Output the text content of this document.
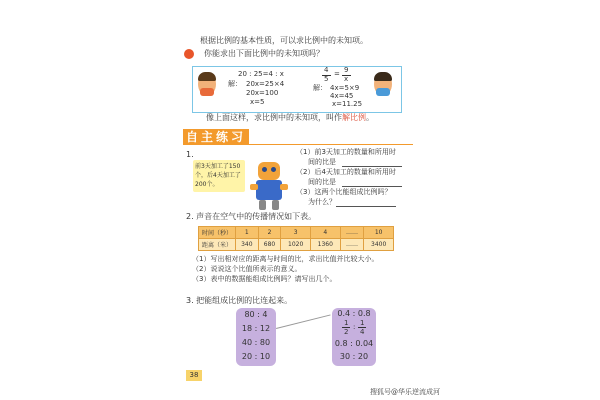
根据比例的基本性质，可以求比例中的未知项。
你能求出下面比例中的未知项吗？
20 : 25=4 : x
解： 20x=25×4
20x=100
x=5
4
5
= 9
x
解： 4x=5×9
4x=45
x=11.25
像上面这样，求比例中的未知项，叫作解比例。
自主练习
1.
前3天加工了150个，后4天加工了200个。
（1）前3天加工的数量和所用时
间的比是
（2）后4天加工的数量和所用时
间的比是
（3）这两个比能组成比例吗？
为什么？
2. 声音在空气中的传播情况如下表。
时间（秒）	1	2	3	4	……	10
距离（米）	340	680	1020	1360	……	3400
（1）写出相对应的距离与时间的比，求出比值并比较大小。
（2）说说这个比值所表示的意义。
（3）表中的数据能组成比例吗？请写出几个。
3. 把能组成比例的比连起来。
80 : 4
18 : 12
40 : 80
20 : 10
0.4 : 0.8
1
2
: 1
4
0.8 : 0.04
30 : 20
38
搜狐号@华乐逆流成河
